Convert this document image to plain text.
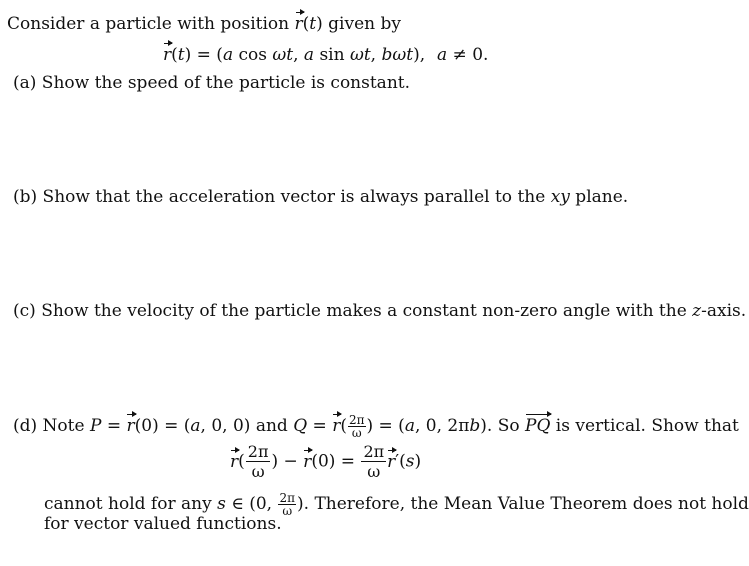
Consider a particle with position r(t) given by
r(t) = (a cos ωt, a sin ωt, bωt), a ≠ 0.
(a) Show the speed of the particle is constant.
(b) Show that the acceleration vector is always parallel to the xy plane.
(c) Show the velocity of the particle makes a constant non-zero angle with the z-axis.
(d) Note P = r(0) = (a, 0, 0) and $Q = r( \frac{2\pi}{\omega}$ ) = (a, 0, 2πb). So PQ is vertical. Show that
$r( \frac{2\pi}{\omega}$ ) − $r(0) = \frac{2\pi}{\omega} r'(s)$
cannot hold for any s ∈ (0, $\frac{2\pi}{\omega}$ ). Therefore, the Mean Value Theorem does not hold
for vector valued functions.
